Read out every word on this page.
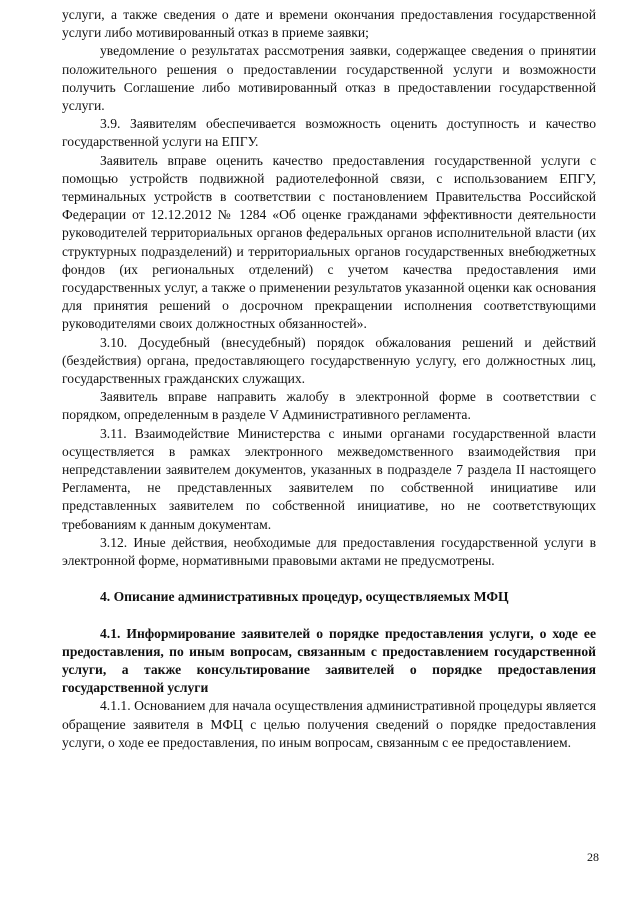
услуги, а также сведения о дате и времени окончания предоставления государственной услуги либо мотивированный отказ в приеме заявки;

уведомление о результатах рассмотрения заявки, содержащее сведения о принятии положительного решения о предоставлении государственной услуги и возможности получить Соглашение либо мотивированный отказ в предоставлении государственной услуги.

3.9. Заявителям обеспечивается возможность оценить доступность и качество государственной услуги на ЕПГУ.

Заявитель вправе оценить качество предоставления государственной услуги с помощью устройств подвижной радиотелефонной связи, с использованием ЕПГУ, терминальных устройств в соответствии с постановлением Правительства Российской Федерации от 12.12.2012 № 1284 «Об оценке гражданами эффективности деятельности руководителей территориальных органов федеральных органов исполнительной власти (их структурных подразделений) и территориальных органов государственных внебюджетных фондов (их региональных отделений) с учетом качества предоставления ими государственных услуг, а также о применении результатов указанной оценки как основания для принятия решений о досрочном прекращении исполнения соответствующими руководителями своих должностных обязанностей».

3.10. Досудебный (внесудебный) порядок обжалования решений и действий (бездействия) органа, предоставляющего государственную услугу, его должностных лиц, государственных гражданских служащих.

Заявитель вправе направить жалобу в электронной форме в соответствии с порядком, определенным в разделе V Административного регламента.

3.11. Взаимодействие Министерства с иными органами государственной власти осуществляется в рамках электронного межведомственного взаимодействия при непредставлении заявителем документов, указанных в подразделе 7 раздела II настоящего Регламента, не представленных заявителем по собственной инициативе или представленных заявителем по собственной инициативе, но не соответствующих требованиям к данным документам.

3.12. Иные действия, необходимые для предоставления государственной услуги в электронной форме, нормативными правовыми актами не предусмотрены.

4. Описание административных процедур, осуществляемых МФЦ

4.1. Информирование заявителей о порядке предоставления услуги, о ходе ее предоставления, по иным вопросам, связанным с предоставлением государственной услуги, а также консультирование заявителей о порядке предоставления государственной услуги

4.1.1. Основанием для начала осуществления административной процедуры является обращение заявителя в МФЦ с целью получения сведений о порядке предоставления услуги, о ходе ее предоставления, по иным вопросам, связанным с ее предоставлением.

28
